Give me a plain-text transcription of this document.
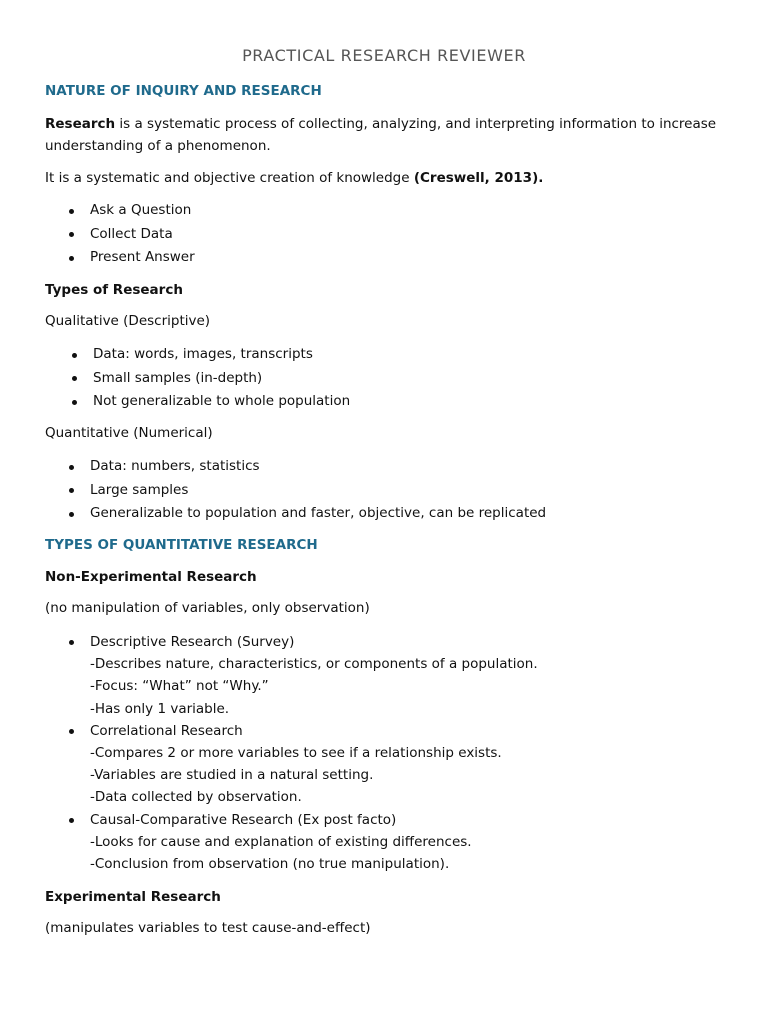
PRACTICAL RESEARCH REVIEWER
NATURE OF INQUIRY AND RESEARCH

Research is a systematic process of collecting, analyzing, and interpreting information to increase understanding of a phenomenon.

It is a systematic and objective creation of knowledge (Creswell, 2013).

Ask a Question
Collect Data
Present Answer
Types of Research

Qualitative (Descriptive)

Data: words, images, transcripts
Small samples (in-depth)
Not generalizable to whole population

Quantitative (Numerical)

Data: numbers, statistics
Large samples
Generalizable to population and faster, objective, can be replicated
TYPES OF QUANTITATIVE RESEARCH
Non-Experimental Research

(no manipulation of variables, only observation)

Descriptive Research (Survey)
-Describes nature, characteristics, or components of a population.
-Focus: “What” not “Why.”
-Has only 1 variable.
Correlational Research
-Compares 2 or more variables to see if a relationship exists.
-Variables are studied in a natural setting.
-Data collected by observation.
Causal-Comparative Research (Ex post facto)
-Looks for cause and explanation of existing differences.
-Conclusion from observation (no true manipulation).
Experimental Research

(manipulates variables to test cause-and-effect)
